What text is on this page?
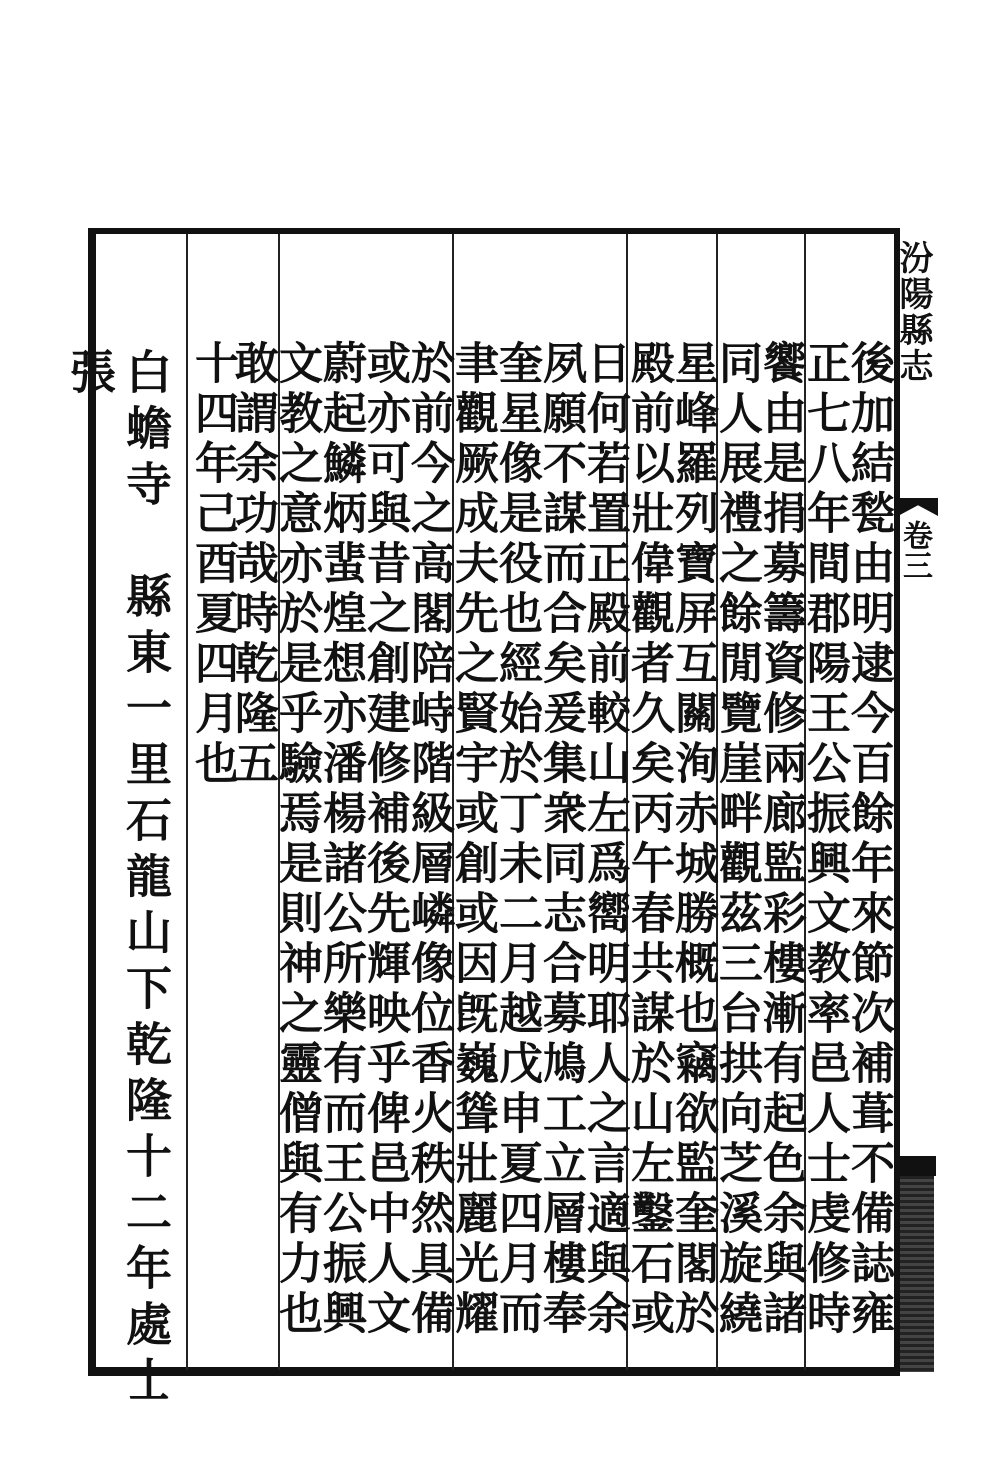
汾陽縣志
卷三
後加結甃由明逮今百餘年來節次補葺不備誌雍
正七八年間郡陽王公振興文教率邑人士虔修時
饗由是捐募籌資修兩廊監彩樓漸有起色余與諸
同人展禮之餘閒覽崖畔觀茲三台拱向芝溪旋繞
星峰羅列寶屏互關洵赤城勝概也竊欲監奎閣於
殿前以壯偉觀者久矣丙午春共謀於山左鑿石或
日何若置正殿前較山左爲嚮明耶人之言適與余
夙願不謀而合矣爰集衆同志合募鳩工立層樓奉
奎星像是役也經始於丁未二月越戊申夏四月而
聿觀厥成夫先之賢宇或創或因旣巍聳壯麗光耀
於前今之高閣陪峙階級層嶙像位香火秩然具備
或亦可與昔之創建修補後先輝映乎俾邑中人文
蔚起鱗炳蜚煌想亦潘楊諸公所樂有而王公振興
文教之意亦於是乎驗焉是則神之靈僧與有力也
敢謂余功哉時乾隆五
十四年己酉夏四月也
白蟾寺　縣東一里石龍山下乾隆十二年處士張
